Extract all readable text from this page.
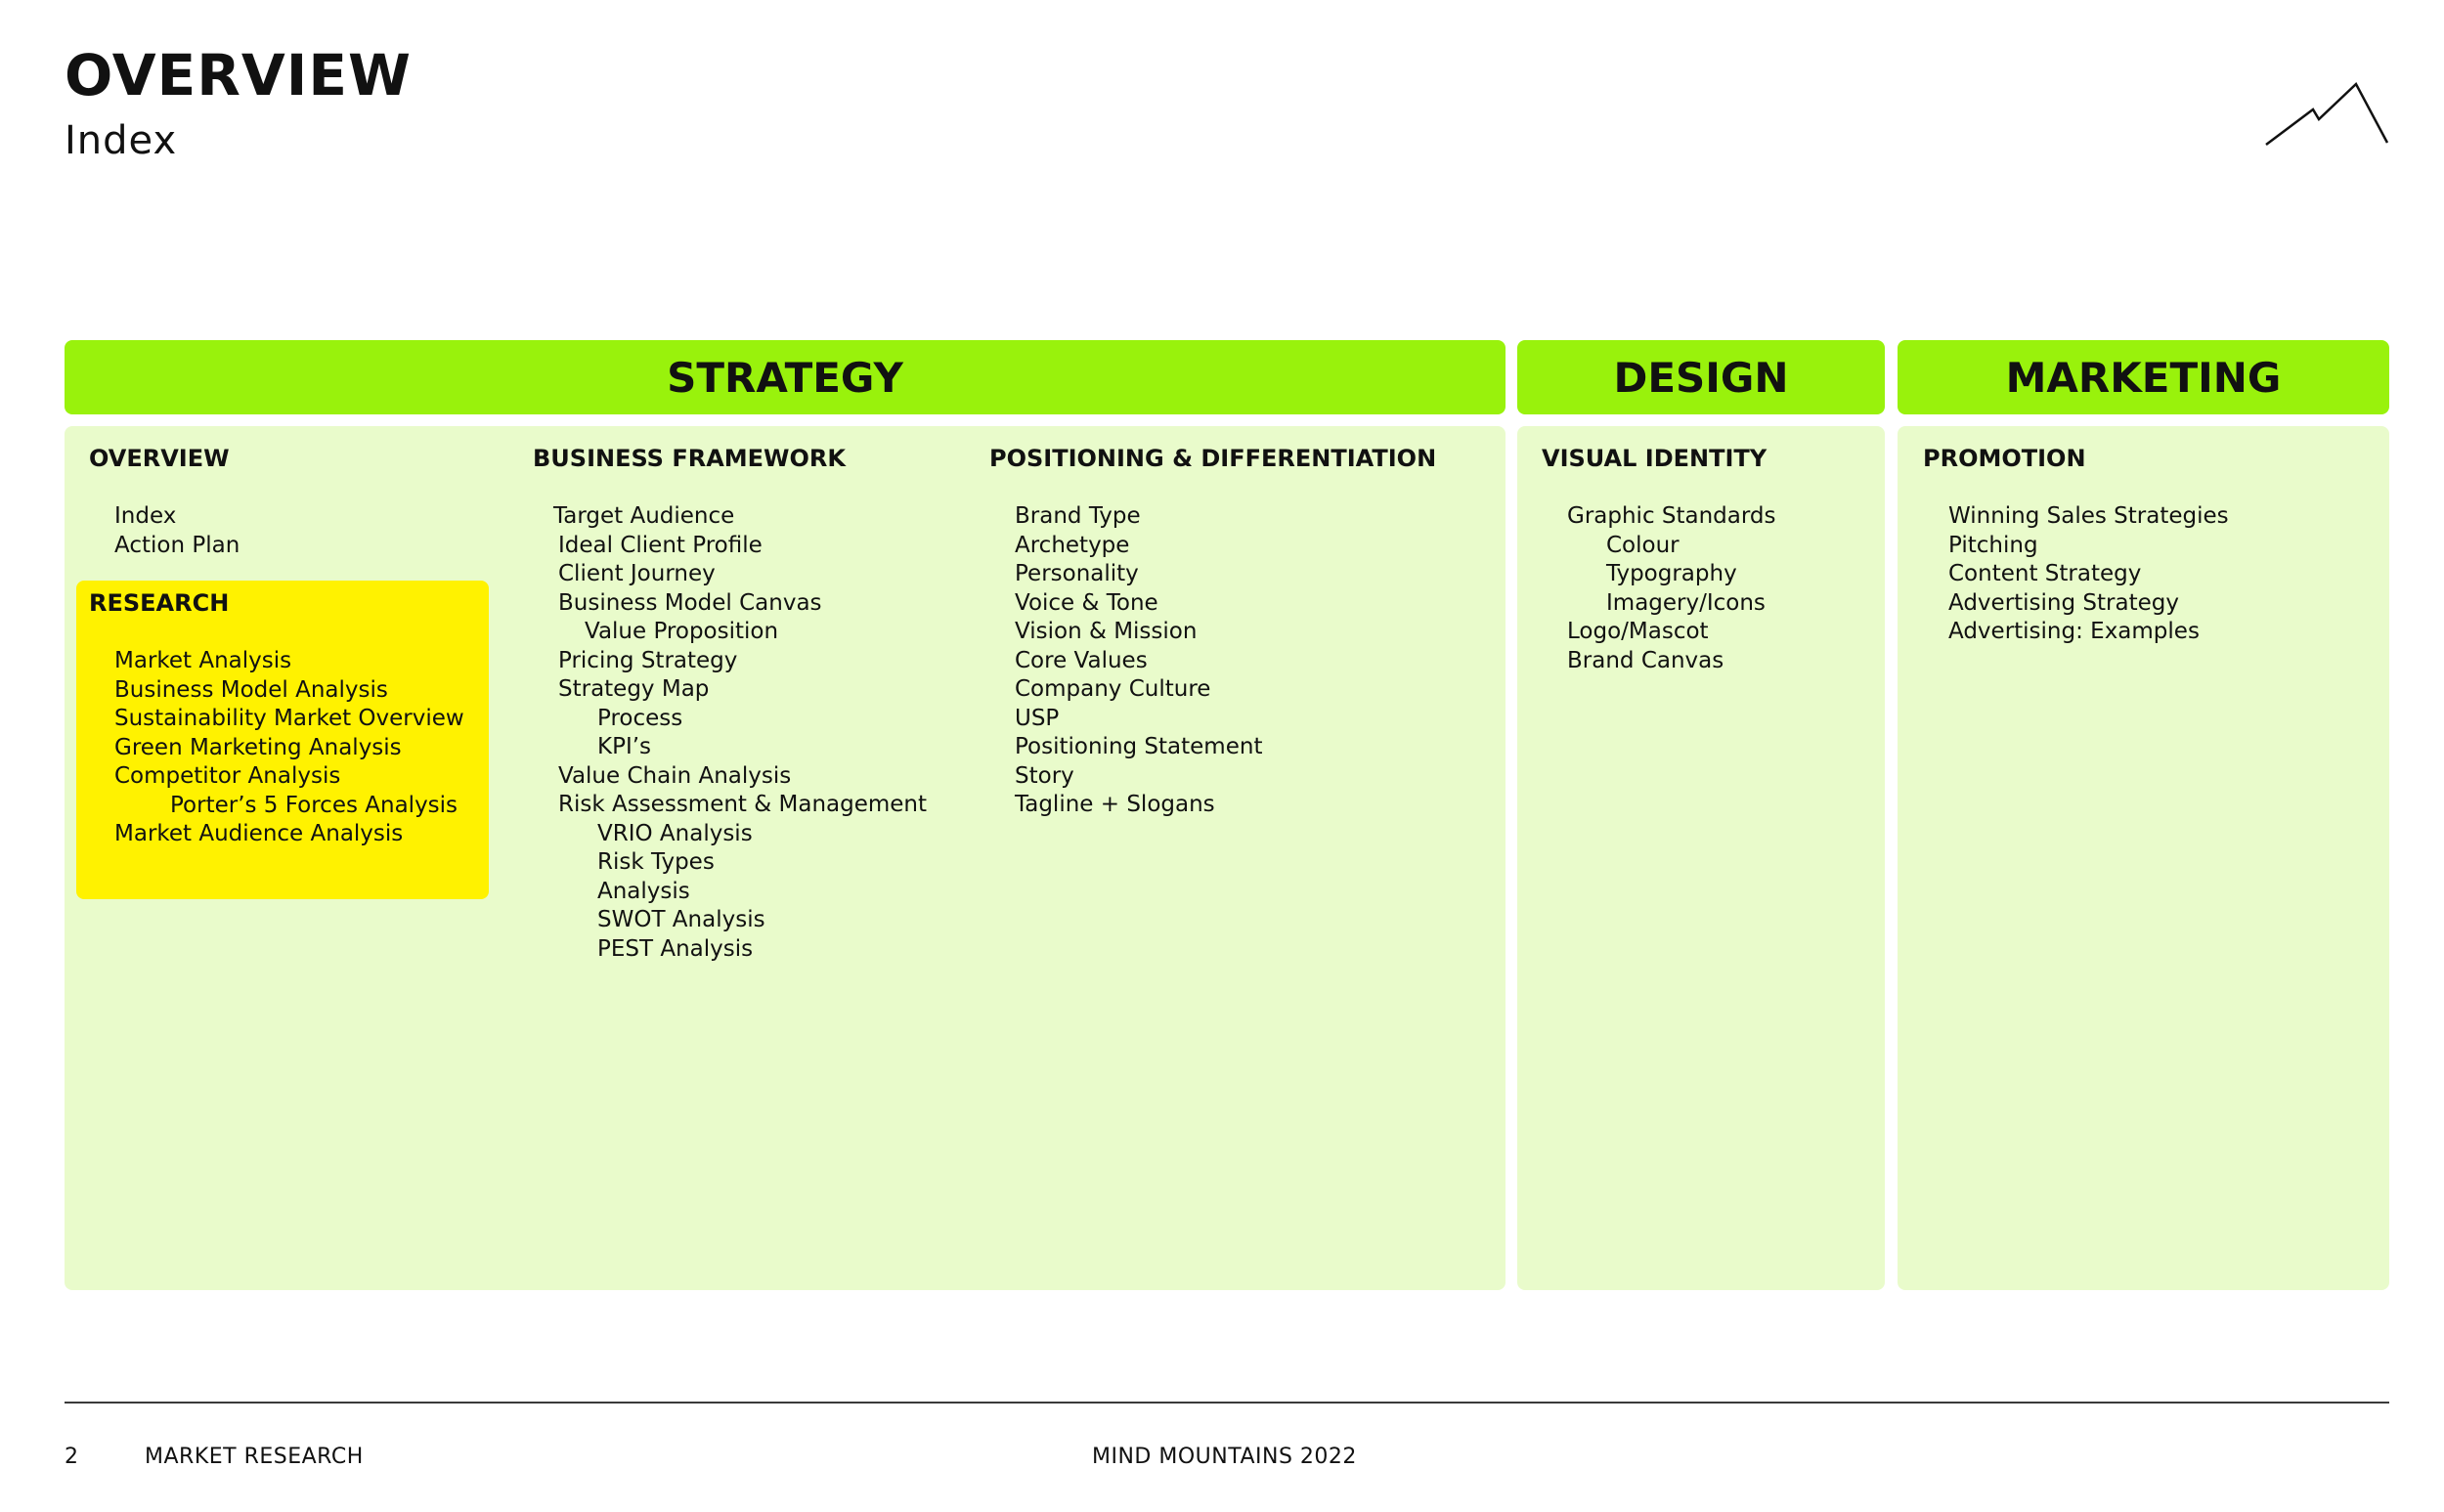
OVERVIEW
Index
STRATEGY	DESIGN	MARKETING
OVERVIEW
Index
Action Plan
RESEARCH
Market Analysis
Business Model Analysis
Sustainability Market Overview
Green Marketing Analysis
Competitor Analysis
Porter’s 5 Forces Analysis
Market Audience Analysis
BUSINESS FRAMEWORK
Target Audience
Ideal Client Profile
Client Journey
Business Model Canvas
Value Proposition
Pricing Strategy
Strategy Map
Process
KPI’s
Value Chain Analysis
Risk Assessment & Management
VRIO Analysis
Risk Types
Analysis
SWOT Analysis
PEST Analysis
POSITIONING & DIFFERENTIATION
Brand Type
Archetype
Personality
Voice & Tone
Vision & Mission
Core Values
Company Culture
USP
Positioning Statement
Story
Tagline + Slogans
VISUAL IDENTITY
Graphic Standards
Colour
Typography
Imagery/Icons
Logo/Mascot
Brand Canvas
PROMOTION
Winning Sales Strategies
Pitching
Content Strategy
Advertising Strategy
Advertising: Examples
2	MARKET RESEARCH	MIND MOUNTAINS 2022
